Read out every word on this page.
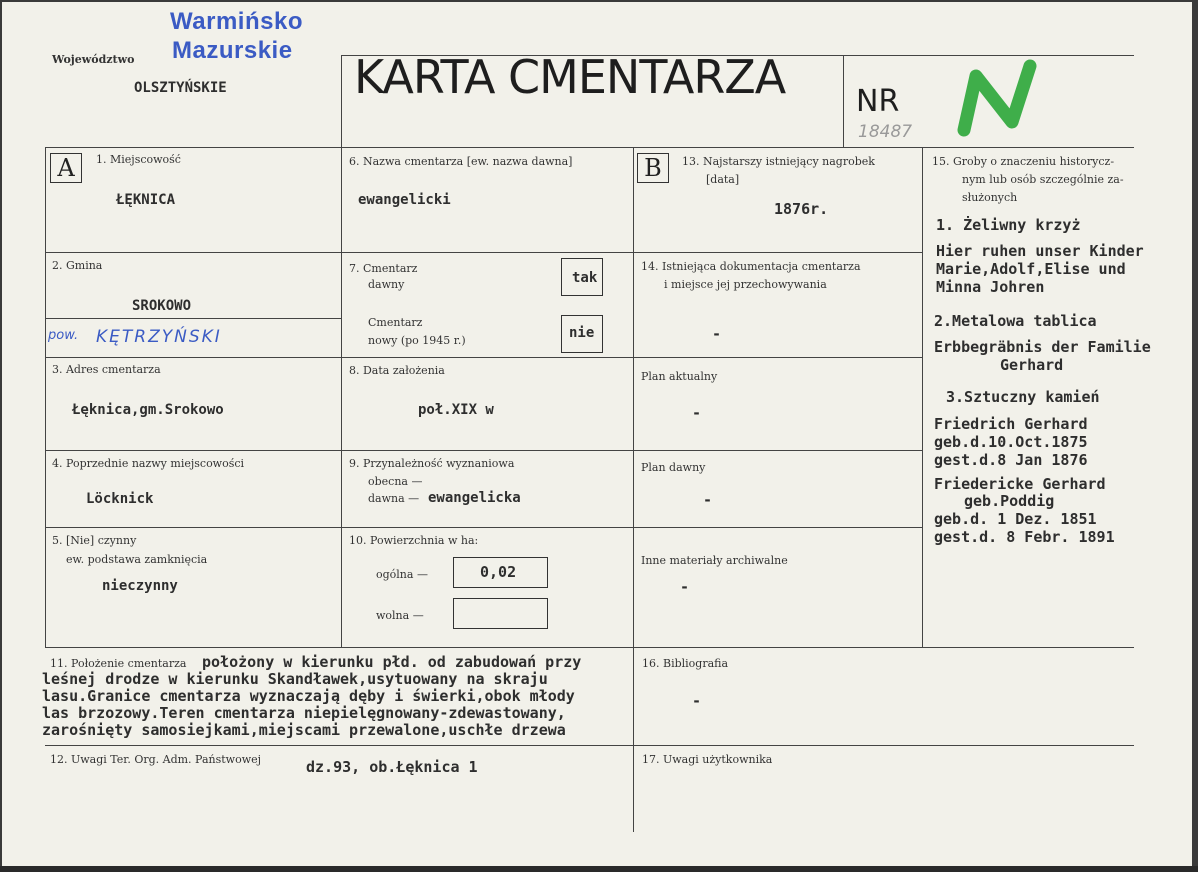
Warmińsko
Mazurskie
Województwo
OLSZTYŃSKIE	KARTA CMENTARZA NR
18487
A	1. Miejscowość
ŁĘKNICA
2. Gmina
SROKOWO
pow. KĘTRZYŃSKI
3. Adres cmentarza
Łęknica,gm.Srokowo
4. Poprzednie nazwy miejscowości
Löcknick
5. [Nie] czynny
ew. podstawa zamknięcia
nieczynny
6. Nazwa cmentarza [ew. nazwa dawna]
ewangelicki
7. Cmentarz
dawny	tak
Cmentarz
nowy (po 1945 r.)	nie
8. Data założenia
poł.XIX w
9. Przynależność wyznaniowa
obecna —
dawna — ewangelicka
10. Powierzchnia w ha:
ogólna —	0,02
wolna —
B	13. Najstarszy istniejący nagrobek
[data]
1876r.
14. Istniejąca dokumentacja cmentarza
i miejsce jej przechowywania
-
Plan aktualny
-
Plan dawny
-
Inne materiały archiwalne
-
15. Groby o znaczeniu historycz-
nym lub osób szczególnie za-
służonych
1. Żeliwny krzyż
Hier ruhen unser Kinder
Marie,Adolf,Elise und
Minna Johren
2.Metalowa tablica
Erbbegräbnis der Familie
Gerhard
3.Sztuczny kamień
Friedrich Gerhard
geb.d.10.Oct.1875
gest.d.8 Jan 1876
Friedericke Gerhard
geb.Poddig
geb.d. 1 Dez. 1851
gest.d. 8 Febr. 1891
11. Położenie cmentarza położony w kierunku płd. od zabudowań przy
leśnej drodze w kierunku Skandławek,usytuowany na skraju
lasu.Granice cmentarza wyznaczają dęby i świerki,obok młody
las brzozowy.Teren cmentarza niepielęgnowany-zdewastowany,
zarośnięty samosiejkami,miejscami przewalone,uschłe drzewa
16. Bibliografia
-
12. Uwagi Ter. Org. Adm. Państwowej	dz.93, ob.Łęknica 1	17. Uwagi użytkownika
